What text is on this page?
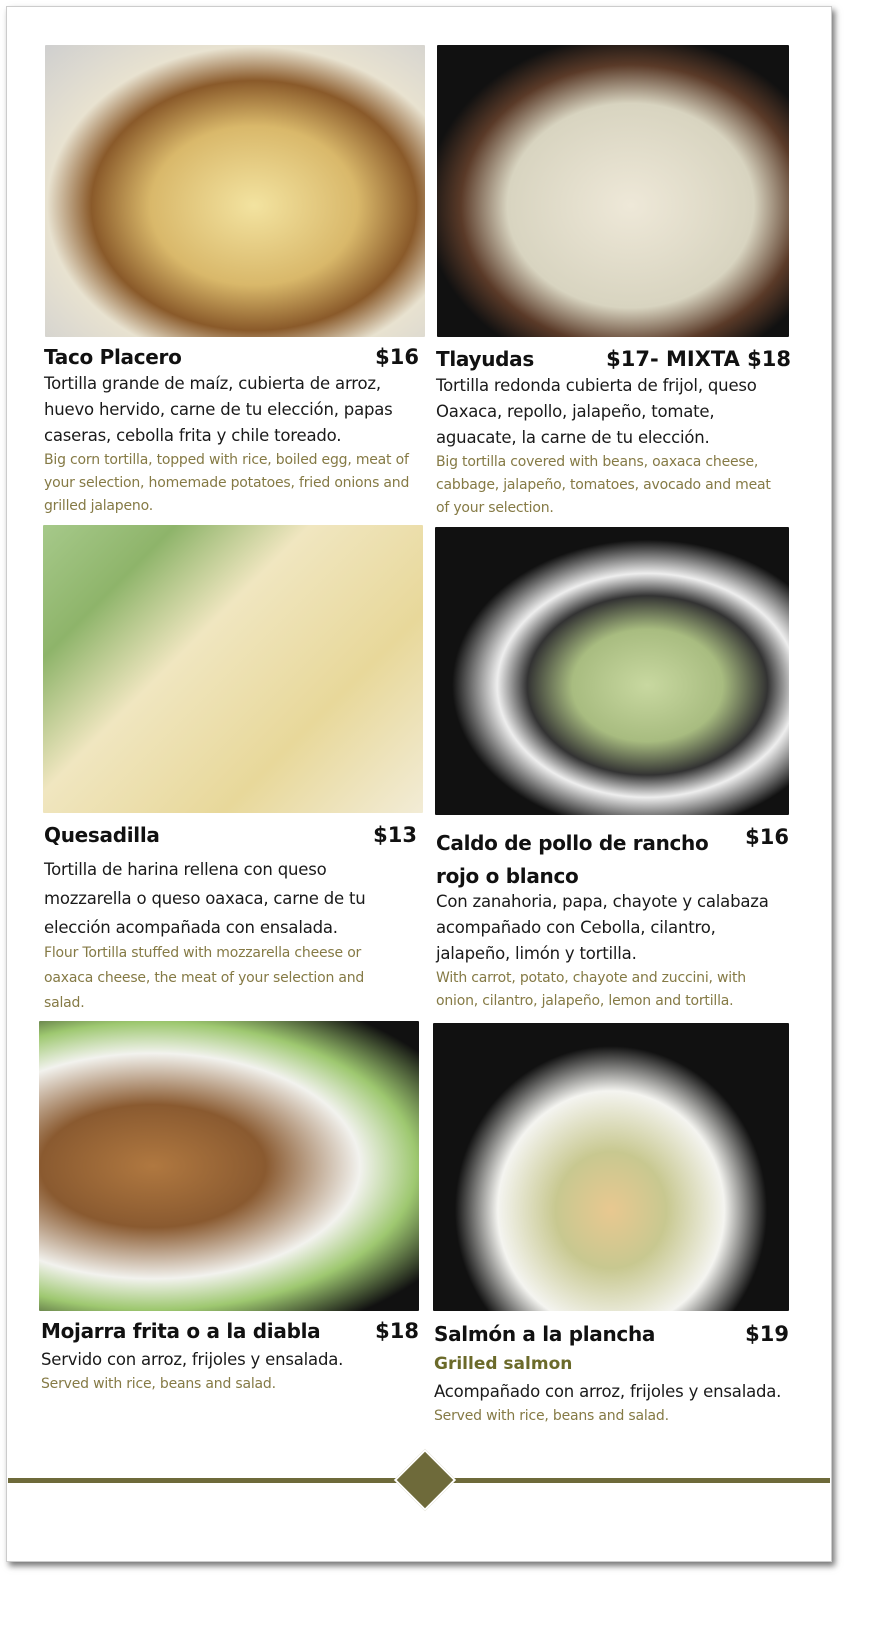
Taco Placero	$16
Tortilla grande de maíz, cubierta de arroz, huevo hervido, carne de tu elección, papas caseras, cebolla frita y chile toreado.
Big corn tortilla, topped with rice, boiled egg, meat of your selection, homemade potatoes, fried onions and grilled jalapeno.
Tlayudas	$17- MIXTA $18
Tortilla redonda cubierta de frijol, queso Oaxaca, repollo, jalapeño, tomate, aguacate, la carne de tu elección.
Big tortilla covered with beans, oaxaca cheese, cabbage, jalapeño, tomatoes, avocado and meat of your selection.
Quesadilla	$13
Tortilla de harina rellena con queso mozzarella o queso oaxaca, carne de tu elección acompañada con ensalada.
Flour Tortilla stuffed with mozzarella cheese or oaxaca cheese, the meat of your selection and salad.
Caldo de pollo de rancho rojo o blanco
$16
Con zanahoria, papa, chayote y calabaza acompañado con Cebolla, cilantro, jalapeño, limón y tortilla.
With carrot, potato, chayote and zuccini, with onion, cilantro, jalapeño, lemon and tortilla.
Mojarra frita o a la diabla	$18
Servido con arroz, frijoles y ensalada.
Served with rice, beans and salad.
Salmón a la plancha	$19
Grilled salmon
Acompañado con arroz, frijoles y ensalada.
Served with rice, beans and salad.
